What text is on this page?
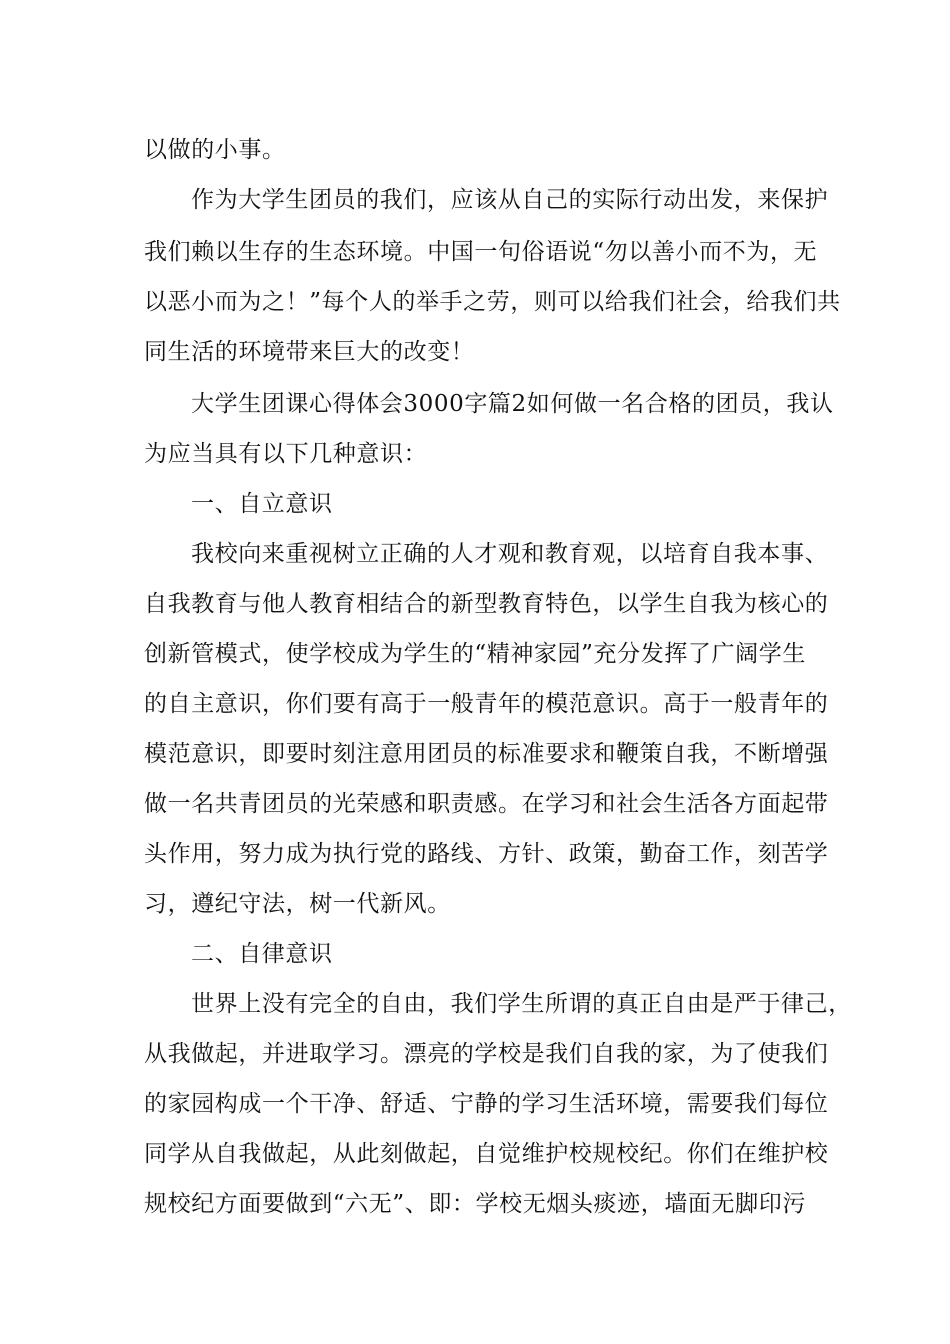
以做的小事。
作为大学生团员的我们，应该从自己的实际行动出发，来保护
我们赖以生存的生态环境。中国一句俗语说“勿以善小而不为，无
以恶小而为之！”每个人的举手之劳，则可以给我们社会，给我们共
同生活的环境带来巨大的改变！
大学生团课心得体会3000字篇2如何做一名合格的团员，我认
为应当具有以下几种意识：
一、自立意识
我校向来重视树立正确的人才观和教育观，以培育自我本事、
自我教育与他人教育相结合的新型教育特色，以学生自我为核心的
创新管模式，使学校成为学生的“精神家园”充分发挥了广阔学生
的自主意识，你们要有高于一般青年的模范意识。高于一般青年的
模范意识，即要时刻注意用团员的标准要求和鞭策自我，不断增强
做一名共青团员的光荣感和职责感。在学习和社会生活各方面起带
头作用，努力成为执行党的路线、方针、政策，勤奋工作，刻苦学
习，遵纪守法，树一代新风。
二、自律意识
世界上没有完全的自由，我们学生所谓的真正自由是严于律己，
从我做起，并进取学习。漂亮的学校是我们自我的家，为了使我们
的家园构成一个干净、舒适、宁静的学习生活环境，需要我们每位
同学从自我做起，从此刻做起，自觉维护校规校纪。你们在维护校
规校纪方面要做到“六无”、即：学校无烟头痰迹，墙面无脚印污
